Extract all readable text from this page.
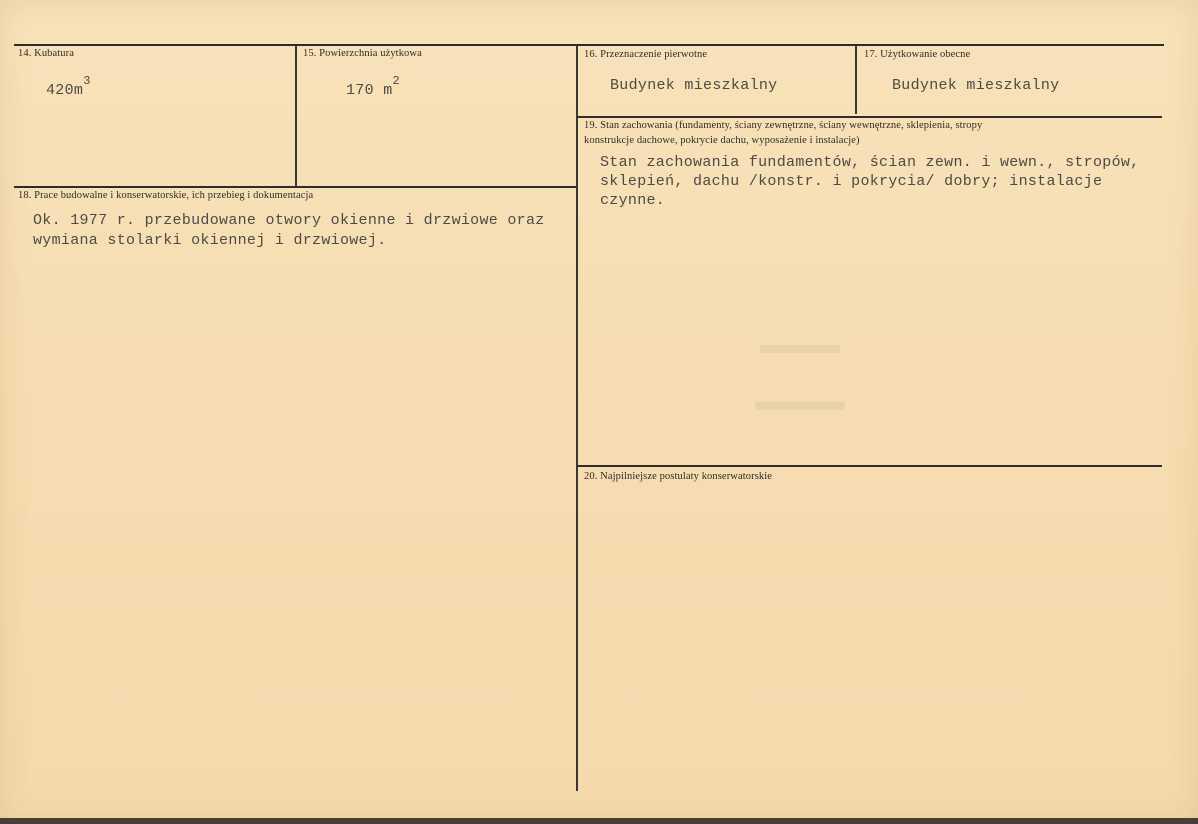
14. Kubatura
$420m^3$
15. Powierzchnia użytkowa
170 $m^2$
16. Przeznaczenie pierwotne
Budynek mieszkalny
17. Użytkowanie obecne
Budynek mieszkalny
18. Prace budowalne i konserwatorskie, ich przebieg i dokumentacja
Ok. 1977 r. przebudowane otwory okienne i drzwiowe oraz
wymiana stolarki okiennej i drzwiowej.
19. Stan zachowania (fundamenty, ściany zewnętrzne, ściany wewnętrzne, sklepienia, stropy
konstrukcje dachowe, pokrycie dachu, wyposażenie i instalacje)
Stan zachowania fundamentów, ścian zewn. i wewn., stropów,
sklepień, dachu /konstr. i pokrycia/ dobry; instalacje
czynne.
20. Najpilniejsze postulaty konserwatorskie
